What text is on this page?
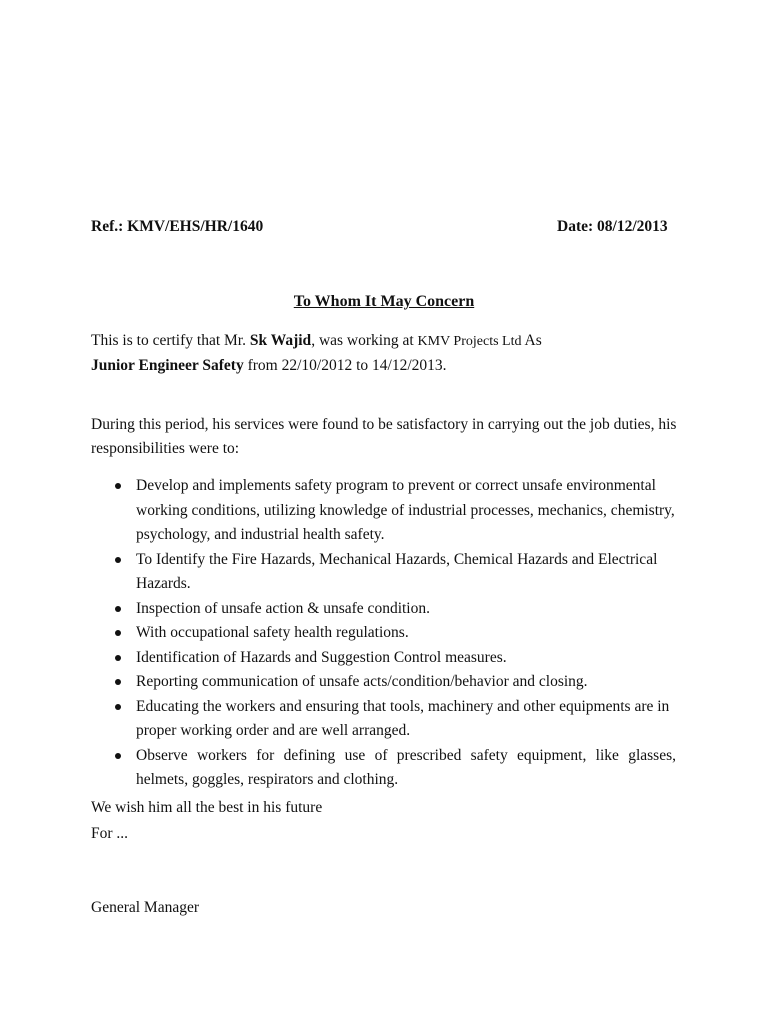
Ref.: KMV/EHS/HR/1640	Date: 08/12/2013
To Whom It May Concern
This is to certify that Mr. Sk Wajid, was working at KMV Projects Ltd As
Junior Engineer Safety from 22/10/2012 to 14/12/2013.
During this period, his services were found to be satisfactory in carrying out the job duties, his responsibilities were to:
Develop and implements safety program to prevent or correct unsafe environmental working conditions, utilizing knowledge of industrial processes, mechanics, chemistry, psychology, and industrial health safety.
To Identify the Fire Hazards, Mechanical Hazards, Chemical Hazards and Electrical Hazards.
Inspection of unsafe action & unsafe condition.
With occupational safety health regulations.
Identification of Hazards and Suggestion Control measures.
Reporting communication of unsafe acts/condition/behavior and closing.
Educating the workers and ensuring that tools, machinery and other equipments are in proper working order and are well arranged.
Observe workers for defining use of prescribed safety equipment, like glasses, helmets, goggles, respirators and clothing.
We wish him all the best in his future
For ...
General Manager
